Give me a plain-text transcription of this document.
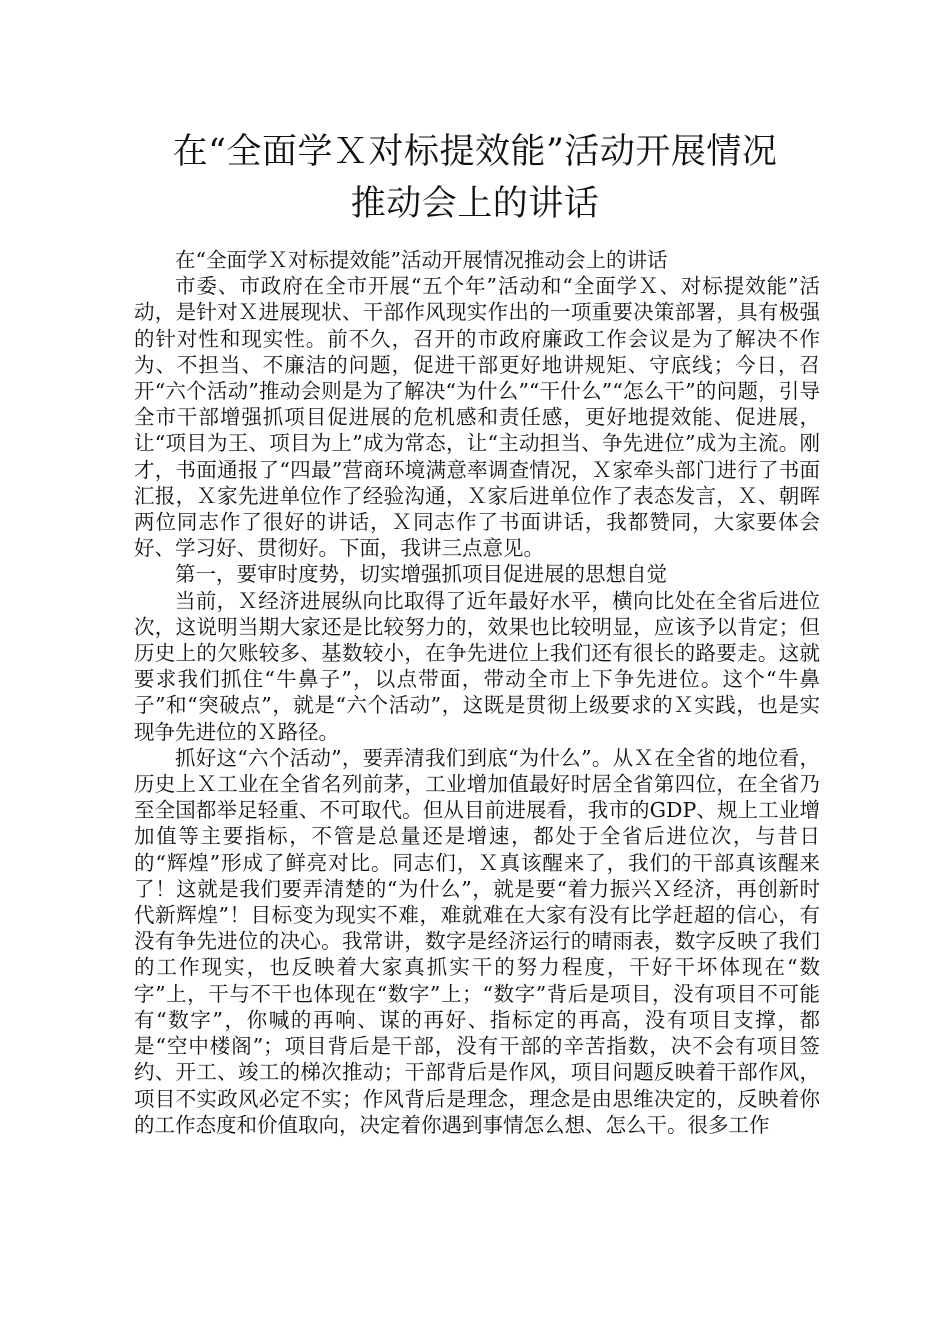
在“全面学Ｘ对标提效能”活动开展情况
推动会上的讲话

在“全面学Ｘ对标提效能”活动开展情况推动会上的讲话

市委、市政府在全市开展“五个年”活动和“全面学Ｘ、对标提效能”活动，是针对Ｘ进展现状、干部作风现实作出的一项重要决策部署，具有极强的针对性和现实性。前不久，召开的市政府廉政工作会议是为了解决不作为、不担当、不廉洁的问题，促进干部更好地讲规矩、守底线；今日，召开“六个活动”推动会则是为了解决“为什么”“干什么”“怎么干”的问题，引导全市干部增强抓项目促进展的危机感和责任感，更好地提效能、促进展，让“项目为王、项目为上”成为常态，让“主动担当、争先进位”成为主流。刚才，书面通报了“四最”营商环境满意率调查情况，Ｘ家牵头部门进行了书面汇报，Ｘ家先进单位作了经验沟通，Ｘ家后进单位作了表态发言，Ｘ、朝晖两位同志作了很好的讲话，Ｘ同志作了书面讲话，我都赞同，大家要体会好、学习好、贯彻好。下面，我讲三点意见。

第一，要审时度势，切实增强抓项目促进展的思想自觉

当前，Ｘ经济进展纵向比取得了近年最好水平，横向比处在全省后进位次，这说明当期大家还是比较努力的，效果也比较明显，应该予以肯定；但历史上的欠账较多、基数较小，在争先进位上我们还有很长的路要走。这就要求我们抓住“牛鼻子”，以点带面，带动全市上下争先进位。这个“牛鼻子”和“突破点”，就是“六个活动”，这既是贯彻上级要求的Ｘ实践，也是实现争先进位的Ｘ路径。

抓好这“六个活动”，要弄清我们到底“为什么”。从Ｘ在全省的地位看，历史上Ｘ工业在全省名列前茅，工业增加值最好时居全省第四位，在全省乃至全国都举足轻重、不可取代。但从目前进展看，我市的GDP、规上工业增加值等主要指标，不管是总量还是增速，都处于全省后进位次，与昔日的“辉煌”形成了鲜亮对比。同志们，Ｘ真该醒来了，我们的干部真该醒来了！这就是我们要弄清楚的“为什么”，就是要“着力振兴Ｘ经济，再创新时代新辉煌”！目标变为现实不难，难就难在大家有没有比学赶超的信心，有没有争先进位的决心。我常讲，数字是经济运行的晴雨表，数字反映了我们的工作现实，也反映着大家真抓实干的努力程度，干好干坏体现在“数字”上，干与不干也体现在“数字”上；“数字”背后是项目，没有项目不可能有“数字”，你喊的再响、谋的再好、指标定的再高，没有项目支撑，都是“空中楼阁”；项目背后是干部，没有干部的辛苦指数，决不会有项目签约、开工、竣工的梯次推动；干部背后是作风，项目问题反映着干部作风，项目不实政风必定不实；作风背后是理念，理念是由思维决定的，反映着你的工作态度和价值取向，决定着你遇到事情怎么想、怎么干。很多工作
